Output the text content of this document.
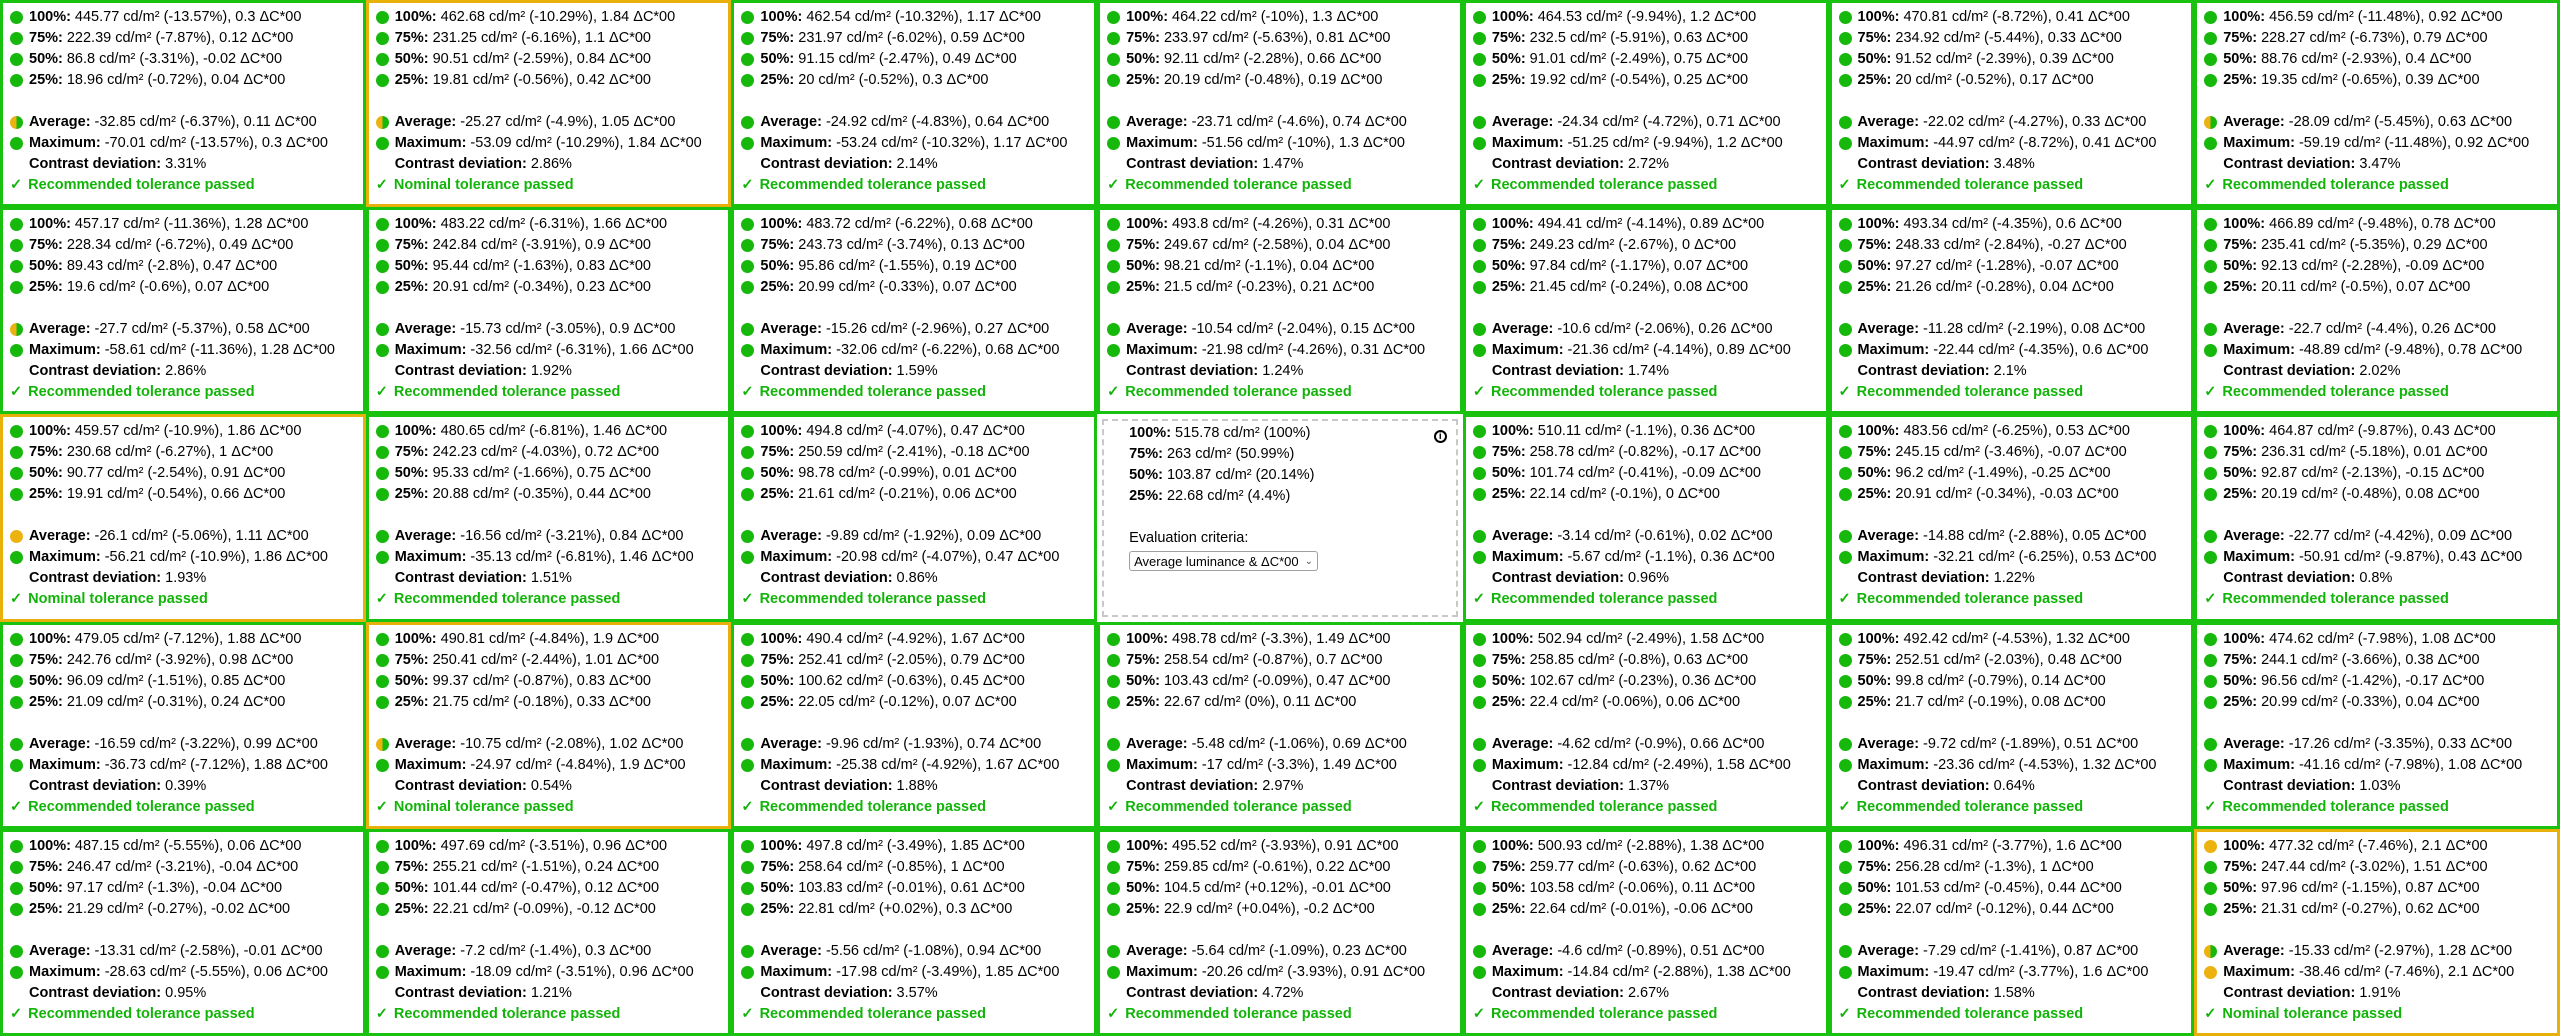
100%: 445.77 cd/m² (-13.57%), 0.3 ΔC*00
75%: 222.39 cd/m² (-7.87%), 0.12 ΔC*00
50%: 86.8 cd/m² (-3.31%), -0.02 ΔC*00
25%: 18.96 cd/m² (-0.72%), 0.04 ΔC*00
Average: -32.85 cd/m² (-6.37%), 0.11 ΔC*00
Maximum: -70.01 cd/m² (-13.57%), 0.3 ΔC*00
Contrast deviation: 3.31%
✓ Recommended tolerance passed
100%: 462.68 cd/m² (-10.29%), 1.84 ΔC*00
75%: 231.25 cd/m² (-6.16%), 1.1 ΔC*00
50%: 90.51 cd/m² (-2.59%), 0.84 ΔC*00
25%: 19.81 cd/m² (-0.56%), 0.42 ΔC*00
Average: -25.27 cd/m² (-4.9%), 1.05 ΔC*00
Maximum: -53.09 cd/m² (-10.29%), 1.84 ΔC*00
Contrast deviation: 2.86%
✓ Nominal tolerance passed
100%: 462.54 cd/m² (-10.32%), 1.17 ΔC*00
75%: 231.97 cd/m² (-6.02%), 0.59 ΔC*00
50%: 91.15 cd/m² (-2.47%), 0.49 ΔC*00
25%: 20 cd/m² (-0.52%), 0.3 ΔC*00
Average: -24.92 cd/m² (-4.83%), 0.64 ΔC*00
Maximum: -53.24 cd/m² (-10.32%), 1.17 ΔC*00
Contrast deviation: 2.14%
✓ Recommended tolerance passed
100%: 464.22 cd/m² (-10%), 1.3 ΔC*00
75%: 233.97 cd/m² (-5.63%), 0.81 ΔC*00
50%: 92.11 cd/m² (-2.28%), 0.66 ΔC*00
25%: 20.19 cd/m² (-0.48%), 0.19 ΔC*00
Average: -23.71 cd/m² (-4.6%), 0.74 ΔC*00
Maximum: -51.56 cd/m² (-10%), 1.3 ΔC*00
Contrast deviation: 1.47%
✓ Recommended tolerance passed
100%: 464.53 cd/m² (-9.94%), 1.2 ΔC*00
75%: 232.5 cd/m² (-5.91%), 0.63 ΔC*00
50%: 91.01 cd/m² (-2.49%), 0.75 ΔC*00
25%: 19.92 cd/m² (-0.54%), 0.25 ΔC*00
Average: -24.34 cd/m² (-4.72%), 0.71 ΔC*00
Maximum: -51.25 cd/m² (-9.94%), 1.2 ΔC*00
Contrast deviation: 2.72%
✓ Recommended tolerance passed
100%: 470.81 cd/m² (-8.72%), 0.41 ΔC*00
75%: 234.92 cd/m² (-5.44%), 0.33 ΔC*00
50%: 91.52 cd/m² (-2.39%), 0.39 ΔC*00
25%: 20 cd/m² (-0.52%), 0.17 ΔC*00
Average: -22.02 cd/m² (-4.27%), 0.33 ΔC*00
Maximum: -44.97 cd/m² (-8.72%), 0.41 ΔC*00
Contrast deviation: 3.48%
✓ Recommended tolerance passed
100%: 456.59 cd/m² (-11.48%), 0.92 ΔC*00
75%: 228.27 cd/m² (-6.73%), 0.79 ΔC*00
50%: 88.76 cd/m² (-2.93%), 0.4 ΔC*00
25%: 19.35 cd/m² (-0.65%), 0.39 ΔC*00
Average: -28.09 cd/m² (-5.45%), 0.63 ΔC*00
Maximum: -59.19 cd/m² (-11.48%), 0.92 ΔC*00
Contrast deviation: 3.47%
✓ Recommended tolerance passed
100%: 457.17 cd/m² (-11.36%), 1.28 ΔC*00
75%: 228.34 cd/m² (-6.72%), 0.49 ΔC*00
50%: 89.43 cd/m² (-2.8%), 0.47 ΔC*00
25%: 19.6 cd/m² (-0.6%), 0.07 ΔC*00
Average: -27.7 cd/m² (-5.37%), 0.58 ΔC*00
Maximum: -58.61 cd/m² (-11.36%), 1.28 ΔC*00
Contrast deviation: 2.86%
✓ Recommended tolerance passed
100%: 483.22 cd/m² (-6.31%), 1.66 ΔC*00
75%: 242.84 cd/m² (-3.91%), 0.9 ΔC*00
50%: 95.44 cd/m² (-1.63%), 0.83 ΔC*00
25%: 20.91 cd/m² (-0.34%), 0.23 ΔC*00
Average: -15.73 cd/m² (-3.05%), 0.9 ΔC*00
Maximum: -32.56 cd/m² (-6.31%), 1.66 ΔC*00
Contrast deviation: 1.92%
✓ Recommended tolerance passed
100%: 483.72 cd/m² (-6.22%), 0.68 ΔC*00
75%: 243.73 cd/m² (-3.74%), 0.13 ΔC*00
50%: 95.86 cd/m² (-1.55%), 0.19 ΔC*00
25%: 20.99 cd/m² (-0.33%), 0.07 ΔC*00
Average: -15.26 cd/m² (-2.96%), 0.27 ΔC*00
Maximum: -32.06 cd/m² (-6.22%), 0.68 ΔC*00
Contrast deviation: 1.59%
✓ Recommended tolerance passed
100%: 493.8 cd/m² (-4.26%), 0.31 ΔC*00
75%: 249.67 cd/m² (-2.58%), 0.04 ΔC*00
50%: 98.21 cd/m² (-1.1%), 0.04 ΔC*00
25%: 21.5 cd/m² (-0.23%), 0.21 ΔC*00
Average: -10.54 cd/m² (-2.04%), 0.15 ΔC*00
Maximum: -21.98 cd/m² (-4.26%), 0.31 ΔC*00
Contrast deviation: 1.24%
✓ Recommended tolerance passed
100%: 494.41 cd/m² (-4.14%), 0.89 ΔC*00
75%: 249.23 cd/m² (-2.67%), 0 ΔC*00
50%: 97.84 cd/m² (-1.17%), 0.07 ΔC*00
25%: 21.45 cd/m² (-0.24%), 0.08 ΔC*00
Average: -10.6 cd/m² (-2.06%), 0.26 ΔC*00
Maximum: -21.36 cd/m² (-4.14%), 0.89 ΔC*00
Contrast deviation: 1.74%
✓ Recommended tolerance passed
100%: 493.34 cd/m² (-4.35%), 0.6 ΔC*00
75%: 248.33 cd/m² (-2.84%), -0.27 ΔC*00
50%: 97.27 cd/m² (-1.28%), -0.07 ΔC*00
25%: 21.26 cd/m² (-0.28%), 0.04 ΔC*00
Average: -11.28 cd/m² (-2.19%), 0.08 ΔC*00
Maximum: -22.44 cd/m² (-4.35%), 0.6 ΔC*00
Contrast deviation: 2.1%
✓ Recommended tolerance passed
100%: 466.89 cd/m² (-9.48%), 0.78 ΔC*00
75%: 235.41 cd/m² (-5.35%), 0.29 ΔC*00
50%: 92.13 cd/m² (-2.28%), -0.09 ΔC*00
25%: 20.11 cd/m² (-0.5%), 0.07 ΔC*00
Average: -22.7 cd/m² (-4.4%), 0.26 ΔC*00
Maximum: -48.89 cd/m² (-9.48%), 0.78 ΔC*00
Contrast deviation: 2.02%
✓ Recommended tolerance passed
100%: 459.57 cd/m² (-10.9%), 1.86 ΔC*00
75%: 230.68 cd/m² (-6.27%), 1 ΔC*00
50%: 90.77 cd/m² (-2.54%), 0.91 ΔC*00
25%: 19.91 cd/m² (-0.54%), 0.66 ΔC*00
Average: -26.1 cd/m² (-5.06%), 1.11 ΔC*00
Maximum: -56.21 cd/m² (-10.9%), 1.86 ΔC*00
Contrast deviation: 1.93%
✓ Nominal tolerance passed
100%: 480.65 cd/m² (-6.81%), 1.46 ΔC*00
75%: 242.23 cd/m² (-4.03%), 0.72 ΔC*00
50%: 95.33 cd/m² (-1.66%), 0.75 ΔC*00
25%: 20.88 cd/m² (-0.35%), 0.44 ΔC*00
Average: -16.56 cd/m² (-3.21%), 0.84 ΔC*00
Maximum: -35.13 cd/m² (-6.81%), 1.46 ΔC*00
Contrast deviation: 1.51%
✓ Recommended tolerance passed
100%: 494.8 cd/m² (-4.07%), 0.47 ΔC*00
75%: 250.59 cd/m² (-2.41%), -0.18 ΔC*00
50%: 98.78 cd/m² (-0.99%), 0.01 ΔC*00
25%: 21.61 cd/m² (-0.21%), 0.06 ΔC*00
Average: -9.89 cd/m² (-1.92%), 0.09 ΔC*00
Maximum: -20.98 cd/m² (-4.07%), 0.47 ΔC*00
Contrast deviation: 0.86%
✓ Recommended tolerance passed
i
100%: 515.78 cd/m² (100%)
75%: 263 cd/m² (50.99%)
50%: 103.87 cd/m² (20.14%)
25%: 22.68 cd/m² (4.4%)
Evaluation criteria:
Average luminance & ΔC*00 ⌄
100%: 510.11 cd/m² (-1.1%), 0.36 ΔC*00
75%: 258.78 cd/m² (-0.82%), -0.17 ΔC*00
50%: 101.74 cd/m² (-0.41%), -0.09 ΔC*00
25%: 22.14 cd/m² (-0.1%), 0 ΔC*00
Average: -3.14 cd/m² (-0.61%), 0.02 ΔC*00
Maximum: -5.67 cd/m² (-1.1%), 0.36 ΔC*00
Contrast deviation: 0.96%
✓ Recommended tolerance passed
100%: 483.56 cd/m² (-6.25%), 0.53 ΔC*00
75%: 245.15 cd/m² (-3.46%), -0.07 ΔC*00
50%: 96.2 cd/m² (-1.49%), -0.25 ΔC*00
25%: 20.91 cd/m² (-0.34%), -0.03 ΔC*00
Average: -14.88 cd/m² (-2.88%), 0.05 ΔC*00
Maximum: -32.21 cd/m² (-6.25%), 0.53 ΔC*00
Contrast deviation: 1.22%
✓ Recommended tolerance passed
100%: 464.87 cd/m² (-9.87%), 0.43 ΔC*00
75%: 236.31 cd/m² (-5.18%), 0.01 ΔC*00
50%: 92.87 cd/m² (-2.13%), -0.15 ΔC*00
25%: 20.19 cd/m² (-0.48%), 0.08 ΔC*00
Average: -22.77 cd/m² (-4.42%), 0.09 ΔC*00
Maximum: -50.91 cd/m² (-9.87%), 0.43 ΔC*00
Contrast deviation: 0.8%
✓ Recommended tolerance passed
100%: 479.05 cd/m² (-7.12%), 1.88 ΔC*00
75%: 242.76 cd/m² (-3.92%), 0.98 ΔC*00
50%: 96.09 cd/m² (-1.51%), 0.85 ΔC*00
25%: 21.09 cd/m² (-0.31%), 0.24 ΔC*00
Average: -16.59 cd/m² (-3.22%), 0.99 ΔC*00
Maximum: -36.73 cd/m² (-7.12%), 1.88 ΔC*00
Contrast deviation: 0.39%
✓ Recommended tolerance passed
100%: 490.81 cd/m² (-4.84%), 1.9 ΔC*00
75%: 250.41 cd/m² (-2.44%), 1.01 ΔC*00
50%: 99.37 cd/m² (-0.87%), 0.83 ΔC*00
25%: 21.75 cd/m² (-0.18%), 0.33 ΔC*00
Average: -10.75 cd/m² (-2.08%), 1.02 ΔC*00
Maximum: -24.97 cd/m² (-4.84%), 1.9 ΔC*00
Contrast deviation: 0.54%
✓ Nominal tolerance passed
100%: 490.4 cd/m² (-4.92%), 1.67 ΔC*00
75%: 252.41 cd/m² (-2.05%), 0.79 ΔC*00
50%: 100.62 cd/m² (-0.63%), 0.45 ΔC*00
25%: 22.05 cd/m² (-0.12%), 0.07 ΔC*00
Average: -9.96 cd/m² (-1.93%), 0.74 ΔC*00
Maximum: -25.38 cd/m² (-4.92%), 1.67 ΔC*00
Contrast deviation: 1.88%
✓ Recommended tolerance passed
100%: 498.78 cd/m² (-3.3%), 1.49 ΔC*00
75%: 258.54 cd/m² (-0.87%), 0.7 ΔC*00
50%: 103.43 cd/m² (-0.09%), 0.47 ΔC*00
25%: 22.67 cd/m² (0%), 0.11 ΔC*00
Average: -5.48 cd/m² (-1.06%), 0.69 ΔC*00
Maximum: -17 cd/m² (-3.3%), 1.49 ΔC*00
Contrast deviation: 2.97%
✓ Recommended tolerance passed
100%: 502.94 cd/m² (-2.49%), 1.58 ΔC*00
75%: 258.85 cd/m² (-0.8%), 0.63 ΔC*00
50%: 102.67 cd/m² (-0.23%), 0.36 ΔC*00
25%: 22.4 cd/m² (-0.06%), 0.06 ΔC*00
Average: -4.62 cd/m² (-0.9%), 0.66 ΔC*00
Maximum: -12.84 cd/m² (-2.49%), 1.58 ΔC*00
Contrast deviation: 1.37%
✓ Recommended tolerance passed
100%: 492.42 cd/m² (-4.53%), 1.32 ΔC*00
75%: 252.51 cd/m² (-2.03%), 0.48 ΔC*00
50%: 99.8 cd/m² (-0.79%), 0.14 ΔC*00
25%: 21.7 cd/m² (-0.19%), 0.08 ΔC*00
Average: -9.72 cd/m² (-1.89%), 0.51 ΔC*00
Maximum: -23.36 cd/m² (-4.53%), 1.32 ΔC*00
Contrast deviation: 0.64%
✓ Recommended tolerance passed
100%: 474.62 cd/m² (-7.98%), 1.08 ΔC*00
75%: 244.1 cd/m² (-3.66%), 0.38 ΔC*00
50%: 96.56 cd/m² (-1.42%), -0.17 ΔC*00
25%: 20.99 cd/m² (-0.33%), 0.04 ΔC*00
Average: -17.26 cd/m² (-3.35%), 0.33 ΔC*00
Maximum: -41.16 cd/m² (-7.98%), 1.08 ΔC*00
Contrast deviation: 1.03%
✓ Recommended tolerance passed
100%: 487.15 cd/m² (-5.55%), 0.06 ΔC*00
75%: 246.47 cd/m² (-3.21%), -0.04 ΔC*00
50%: 97.17 cd/m² (-1.3%), -0.04 ΔC*00
25%: 21.29 cd/m² (-0.27%), -0.02 ΔC*00
Average: -13.31 cd/m² (-2.58%), -0.01 ΔC*00
Maximum: -28.63 cd/m² (-5.55%), 0.06 ΔC*00
Contrast deviation: 0.95%
✓ Recommended tolerance passed
100%: 497.69 cd/m² (-3.51%), 0.96 ΔC*00
75%: 255.21 cd/m² (-1.51%), 0.24 ΔC*00
50%: 101.44 cd/m² (-0.47%), 0.12 ΔC*00
25%: 22.21 cd/m² (-0.09%), -0.12 ΔC*00
Average: -7.2 cd/m² (-1.4%), 0.3 ΔC*00
Maximum: -18.09 cd/m² (-3.51%), 0.96 ΔC*00
Contrast deviation: 1.21%
✓ Recommended tolerance passed
100%: 497.8 cd/m² (-3.49%), 1.85 ΔC*00
75%: 258.64 cd/m² (-0.85%), 1 ΔC*00
50%: 103.83 cd/m² (-0.01%), 0.61 ΔC*00
25%: 22.81 cd/m² (+0.02%), 0.3 ΔC*00
Average: -5.56 cd/m² (-1.08%), 0.94 ΔC*00
Maximum: -17.98 cd/m² (-3.49%), 1.85 ΔC*00
Contrast deviation: 3.57%
✓ Recommended tolerance passed
100%: 495.52 cd/m² (-3.93%), 0.91 ΔC*00
75%: 259.85 cd/m² (-0.61%), 0.22 ΔC*00
50%: 104.5 cd/m² (+0.12%), -0.01 ΔC*00
25%: 22.9 cd/m² (+0.04%), -0.2 ΔC*00
Average: -5.64 cd/m² (-1.09%), 0.23 ΔC*00
Maximum: -20.26 cd/m² (-3.93%), 0.91 ΔC*00
Contrast deviation: 4.72%
✓ Recommended tolerance passed
100%: 500.93 cd/m² (-2.88%), 1.38 ΔC*00
75%: 259.77 cd/m² (-0.63%), 0.62 ΔC*00
50%: 103.58 cd/m² (-0.06%), 0.11 ΔC*00
25%: 22.64 cd/m² (-0.01%), -0.06 ΔC*00
Average: -4.6 cd/m² (-0.89%), 0.51 ΔC*00
Maximum: -14.84 cd/m² (-2.88%), 1.38 ΔC*00
Contrast deviation: 2.67%
✓ Recommended tolerance passed
100%: 496.31 cd/m² (-3.77%), 1.6 ΔC*00
75%: 256.28 cd/m² (-1.3%), 1 ΔC*00
50%: 101.53 cd/m² (-0.45%), 0.44 ΔC*00
25%: 22.07 cd/m² (-0.12%), 0.44 ΔC*00
Average: -7.29 cd/m² (-1.41%), 0.87 ΔC*00
Maximum: -19.47 cd/m² (-3.77%), 1.6 ΔC*00
Contrast deviation: 1.58%
✓ Recommended tolerance passed
100%: 477.32 cd/m² (-7.46%), 2.1 ΔC*00
75%: 247.44 cd/m² (-3.02%), 1.51 ΔC*00
50%: 97.96 cd/m² (-1.15%), 0.87 ΔC*00
25%: 21.31 cd/m² (-0.27%), 0.62 ΔC*00
Average: -15.33 cd/m² (-2.97%), 1.28 ΔC*00
Maximum: -38.46 cd/m² (-7.46%), 2.1 ΔC*00
Contrast deviation: 1.91%
✓ Nominal tolerance passed
